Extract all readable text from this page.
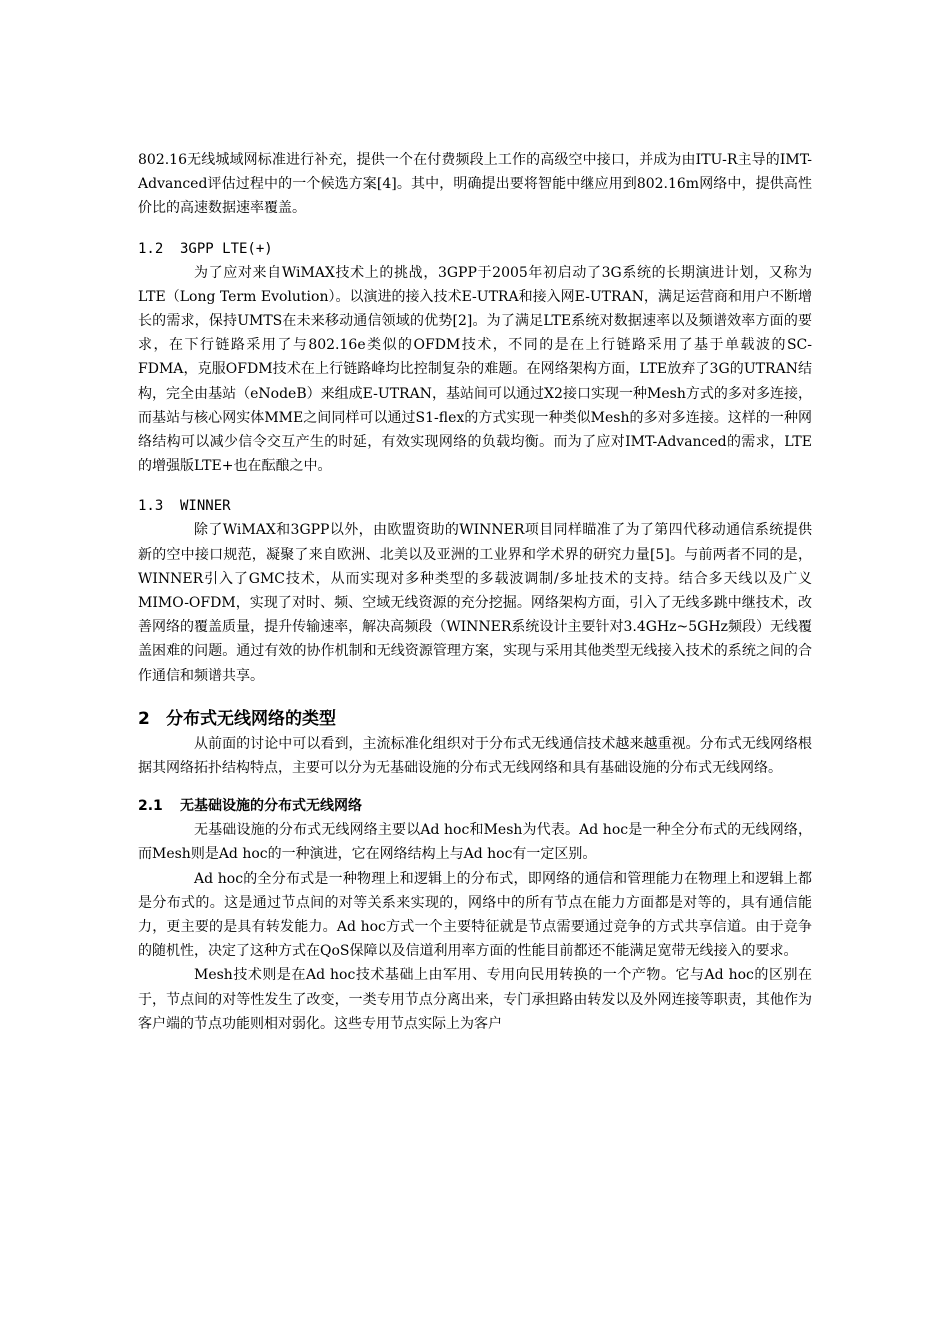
802.16无线城域网标准进行补充，提供一个在付费频段上工作的高级空中接口，并成为由ITU-R主导的IMT-Advanced评估过程中的一个候选方案[4]。其中，明确提出要将智能中继应用到802.16m网络中，提供高性价比的高速数据速率覆盖。

1.2 3GPP LTE(+)

为了应对来自WiMAX技术上的挑战，3GPP于2005年初启动了3G系统的长期演进计划，又称为LTE（Long Term Evolution）。以演进的接入技术E-UTRA和接入网E-UTRAN，满足运营商和用户不断增长的需求，保持UMTS在未来移动通信领域的优势[2]。为了满足LTE系统对数据速率以及频谱效率方面的要求，在下行链路采用了与802.16e类似的OFDM技术，不同的是在上行链路采用了基于单载波的SC-FDMA，克服OFDM技术在上行链路峰均比控制复杂的难题。在网络架构方面，LTE放弃了3G的UTRAN结构，完全由基站（eNodeB）来组成E-UTRAN，基站间可以通过X2接口实现一种Mesh方式的多对多连接，而基站与核心网实体MME之间同样可以通过S1-flex的方式实现一种类似Mesh的多对多连接。这样的一种网络结构可以减少信令交互产生的时延，有效实现网络的负载均衡。而为了应对IMT-Advanced的需求，LTE的增强版LTE+也在酝酿之中。

1.3 WINNER

除了WiMAX和3GPP以外，由欧盟资助的WINNER项目同样瞄准了为了第四代移动通信系统提供新的空中接口规范，凝聚了来自欧洲、北美以及亚洲的工业界和学术界的研究力量[5]。与前两者不同的是，WINNER引入了GMC技术，从而实现对多种类型的多载波调制/多址技术的支持。结合多天线以及广义MIMO-OFDM，实现了对时、频、空域无线资源的充分挖掘。网络架构方面，引入了无线多跳中继技术，改善网络的覆盖质量，提升传输速率，解决高频段（WINNER系统设计主要针对3.4GHz~5GHz频段）无线覆盖困难的问题。通过有效的协作机制和无线资源管理方案，实现与采用其他类型无线接入技术的系统之间的合作通信和频谱共享。

2 分布式无线网络的类型

从前面的讨论中可以看到，主流标准化组织对于分布式无线通信技术越来越重视。分布式无线网络根据其网络拓扑结构特点，主要可以分为无基础设施的分布式无线网络和具有基础设施的分布式无线网络。

2.1 无基础设施的分布式无线网络

无基础设施的分布式无线网络主要以Ad hoc和Mesh为代表。Ad hoc是一种全分布式的无线网络，而Mesh则是Ad hoc的一种演进，它在网络结构上与Ad hoc有一定区别。

Ad hoc的全分布式是一种物理上和逻辑上的分布式，即网络的通信和管理能力在物理上和逻辑上都是分布式的。这是通过节点间的对等关系来实现的，网络中的所有节点在能力方面都是对等的，具有通信能力，更主要的是具有转发能力。Ad hoc方式一个主要特征就是节点需要通过竞争的方式共享信道。由于竞争的随机性，决定了这种方式在QoS保障以及信道利用率方面的性能目前都还不能满足宽带无线接入的要求。

Mesh技术则是在Ad hoc技术基础上由军用、专用向民用转换的一个产物。它与Ad hoc的区别在于，节点间的对等性发生了改变，一类专用节点分离出来，专门承担路由转发以及外网连接等职责，其他作为客户端的节点功能则相对弱化。这些专用节点实际上为客户
